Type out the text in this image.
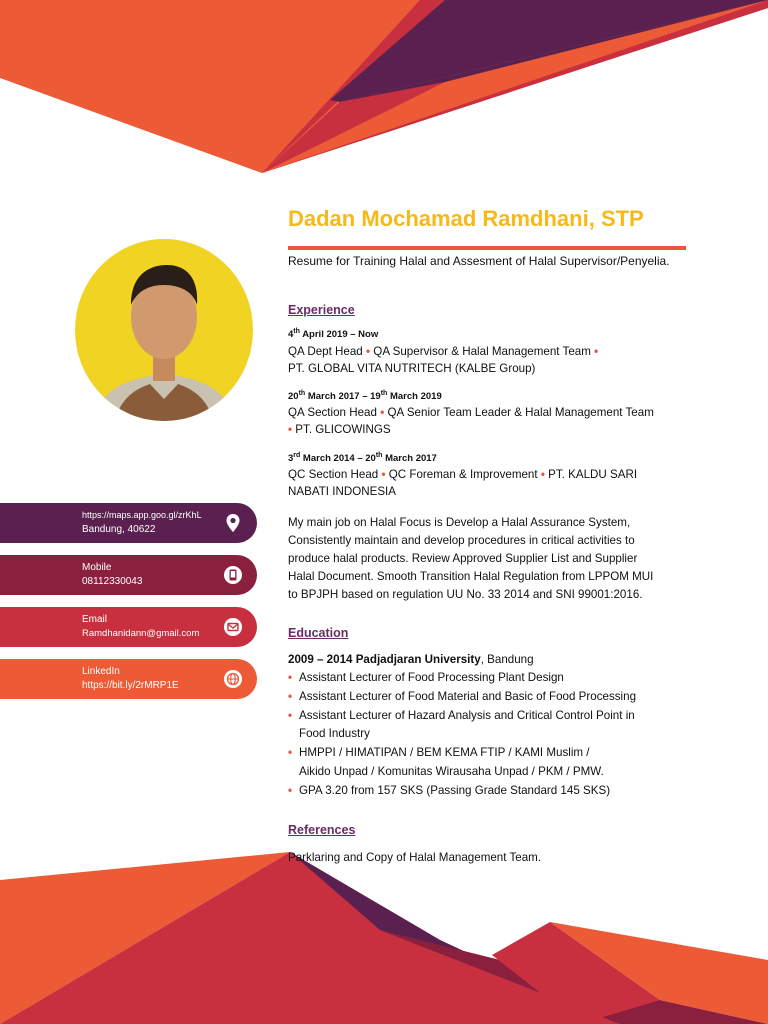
Dadan Mochamad Ramdhani, STP
Resume for Training Halal and Assesment of Halal Supervisor/Penyelia.
Experience
4th April 2019 – Now
QA Dept Head • QA Supervisor & Halal Management Team •
PT. GLOBAL VITA NUTRITECH (KALBE Group)
20th March 2017 – 19th March 2019
QA Section Head • QA Senior Team Leader & Halal Management Team
• PT. GLICOWINGS
3rd March 2014 – 20th March 2017
QC Section Head • QC Foreman & Improvement • PT. KALDU SARI
NABATI INDONESIA
My main job on Halal Focus is Develop a Halal Assurance System,
Consistently maintain and develop procedures in critical activities to
produce halal products. Review Approved Supplier List and Supplier
Halal Document. Smooth Transition Halal Regulation from LPPOM MUI
to BPJPH based on regulation UU No. 33 2014 and SNI 99001:2016.
Education
2009 – 2014 Padjadjaran University, Bandung
• Assistant Lecturer of Food Processing Plant Design
• Assistant Lecturer of Food Material and Basic of Food Processing
• Assistant Lecturer of Hazard Analysis and Critical Control Point in
Food Industry
• HMPPI / HIMATIPAN / BEM KEMA FTIP / KAMI Muslim /
Aikido Unpad / Komunitas Wirausaha Unpad / PKM / PMW.
• GPA 3.20 from 157 SKS (Passing Grade Standard 145 SKS)
References
Parklaring and Copy of Halal Management Team.
https://maps.app.goo.gl/zrKhL
Bandung, 40622
Mobile
08112330043
Email
Ramdhanidann@gmail.com
LinkedIn
https://bit.ly/2rMRP1E
